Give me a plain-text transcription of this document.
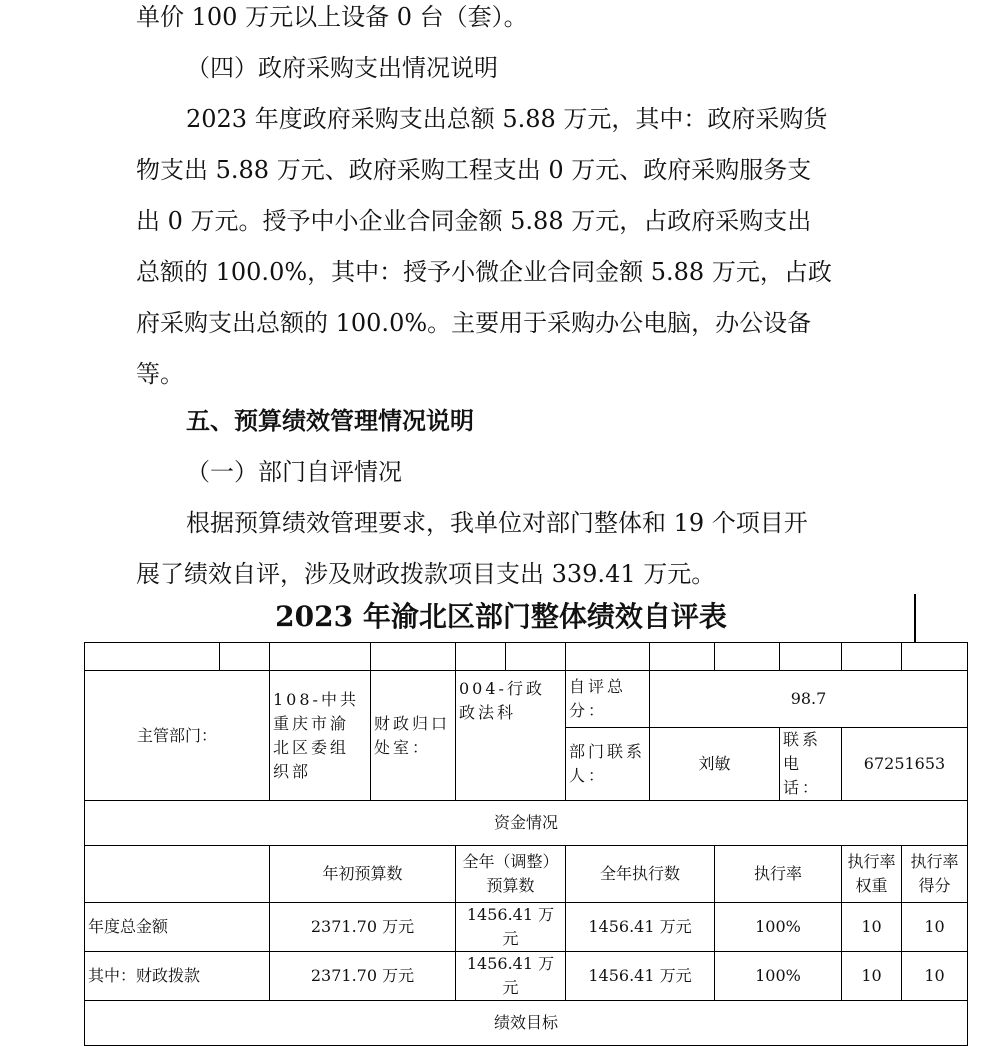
单价 100 万元以上设备 0 台（套）。
（四）政府采购支出情况说明
2023 年度政府采购支出总额 5.88 万元，其中：政府采购货
物支出 5.88 万元、政府采购工程支出 0 万元、政府采购服务支
出 0 万元。授予中小企业合同金额 5.88 万元，占政府采购支出
总额的 100.0%，其中：授予小微企业合同金额 5.88 万元，占政
府采购支出总额的 100.0%。主要用于采购办公电脑，办公设备
等。
五、预算绩效管理情况说明
（一）部门自评情况
根据预算绩效管理要求，我单位对部门整体和 19 个项目开
展了绩效自评，涉及财政拨款项目支出 339.41 万元。
2023 年渝北区部门整体绩效自评表

主管部门：		108-中共重庆市渝北区委组织部	财政归口处室：	004-行政政法科		自评总分：	98.7				
						部门联系人：	刘敏		联系电话：	67251653	
资金情况											
		年初预算数		全年（调整）预算数		全年执行数		执行率		执行率权重	执行率得分
年度总金额		2371.70 万元		1456.41 万元		1456.41 万元		100%		10	10
其中：财政拨款		2371.70 万元		1456.41 万元		1456.41 万元		100%		10	10
绩效目标											
